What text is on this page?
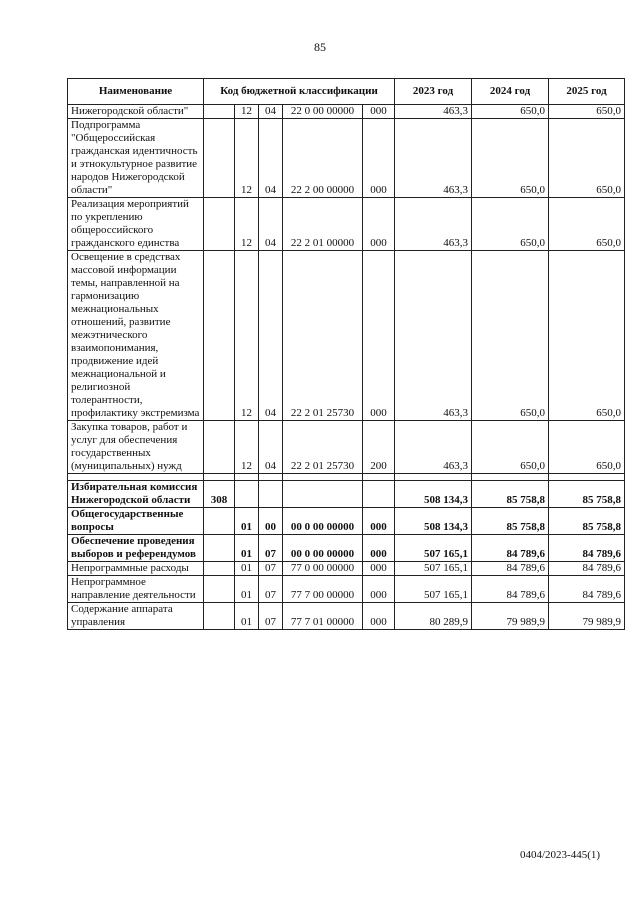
85
Наименование	Код бюджетной классификации					2023 год	2024 год	2025 год
Нижегородской области"		12	04	22 0 00 00000	000	463,3	650,0	650,0
Подпрограмма "Общероссийская гражданская идентичность и этнокультурное развитие народов Нижегородской области"		12	04	22 2 00 00000	000	463,3	650,0	650,0
Реализация мероприятий по укреплению общероссийского гражданского единства		12	04	22 2 01 00000	000	463,3	650,0	650,0
Освещение в средствах массовой информации темы, направленной на гармонизацию межнациональных отношений, развитие межэтнического взаимопонимания, продвижение идей межнациональной и религиозной толерантности, профилактику экстремизма		12	04	22 2 01 25730	000	463,3	650,0	650,0
Закупка товаров, работ и услуг для обеспечения государственных (муниципальных) нужд		12	04	22 2 01 25730	200	463,3	650,0	650,0

Избирательная комиссия Нижегородской области	308					508 134,3	85 758,8	85 758,8
Общегосударственные вопросы		01	00	00 0 00 00000	000	508 134,3	85 758,8	85 758,8
Обеспечение проведения выборов и референдумов		01	07	00 0 00 00000	000	507 165,1	84 789,6	84 789,6
Непрограммные расходы		01	07	77 0 00 00000	000	507 165,1	84 789,6	84 789,6
Непрограммное направление деятельности		01	07	77 7 00 00000	000	507 165,1	84 789,6	84 789,6
Содержание аппарата управления		01	07	77 7 01 00000	000	80 289,9	79 989,9	79 989,9
0404/2023-445(1)
